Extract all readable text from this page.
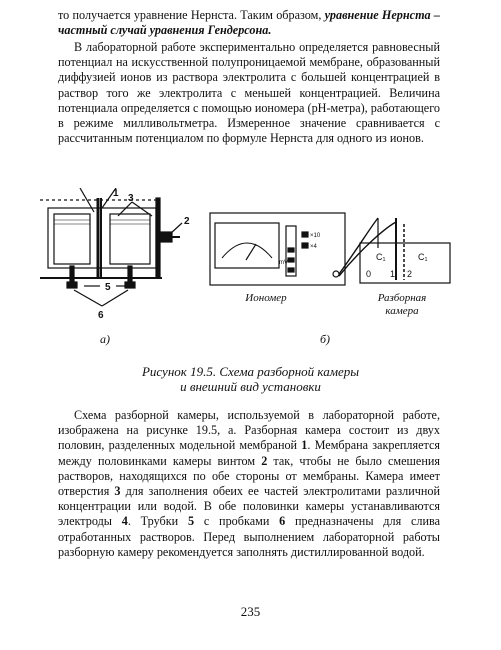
то получается уравнение Нернста. Таким образом, уравнение Нернста – частный случай уравнения Гендерсона.

В лабораторной работе экспериментально определяется равновесный потенциал на искусственной полупроницаемой мембране, образованный диффузией ионов из раствора электролита с большей концентрацией в раствор того же электролита с меньшей концентрацией. Величина потенциала определяется с помощью иономера (pH-метра), работающего в режиме милливольтметра. Измеренное значение сравнивается с рассчитанным потенциалом по формуле Нернста для одного из ионов.

1 3
2
5
6
×10
×4
mV
C₁	C₁
0 1 2
Иономер	Разборная
камера
а)	б)
Рисунок 19.5. Схема разборной камеры
и внешний вид установки

Схема разборной камеры, используемой в лабораторной работе, изображена на рисунке 19.5, а. Разборная камера состоит из двух половин, разделенных модельной мембраной 1. Мембрана закрепляется между половинками камеры винтом 2 так, чтобы не было смешения растворов, находящихся по обе стороны от мембраны. Камера имеет отверстия 3 для заполнения обеих ее частей электролитами различной концентрации или водой. В обе половинки камеры устанавливаются электроды 4. Трубки 5 с пробками 6 предназначены для слива отработанных растворов. Перед выполнением лабораторной работы разборную камеру рекомендуется заполнять дистиллированной водой.

235
